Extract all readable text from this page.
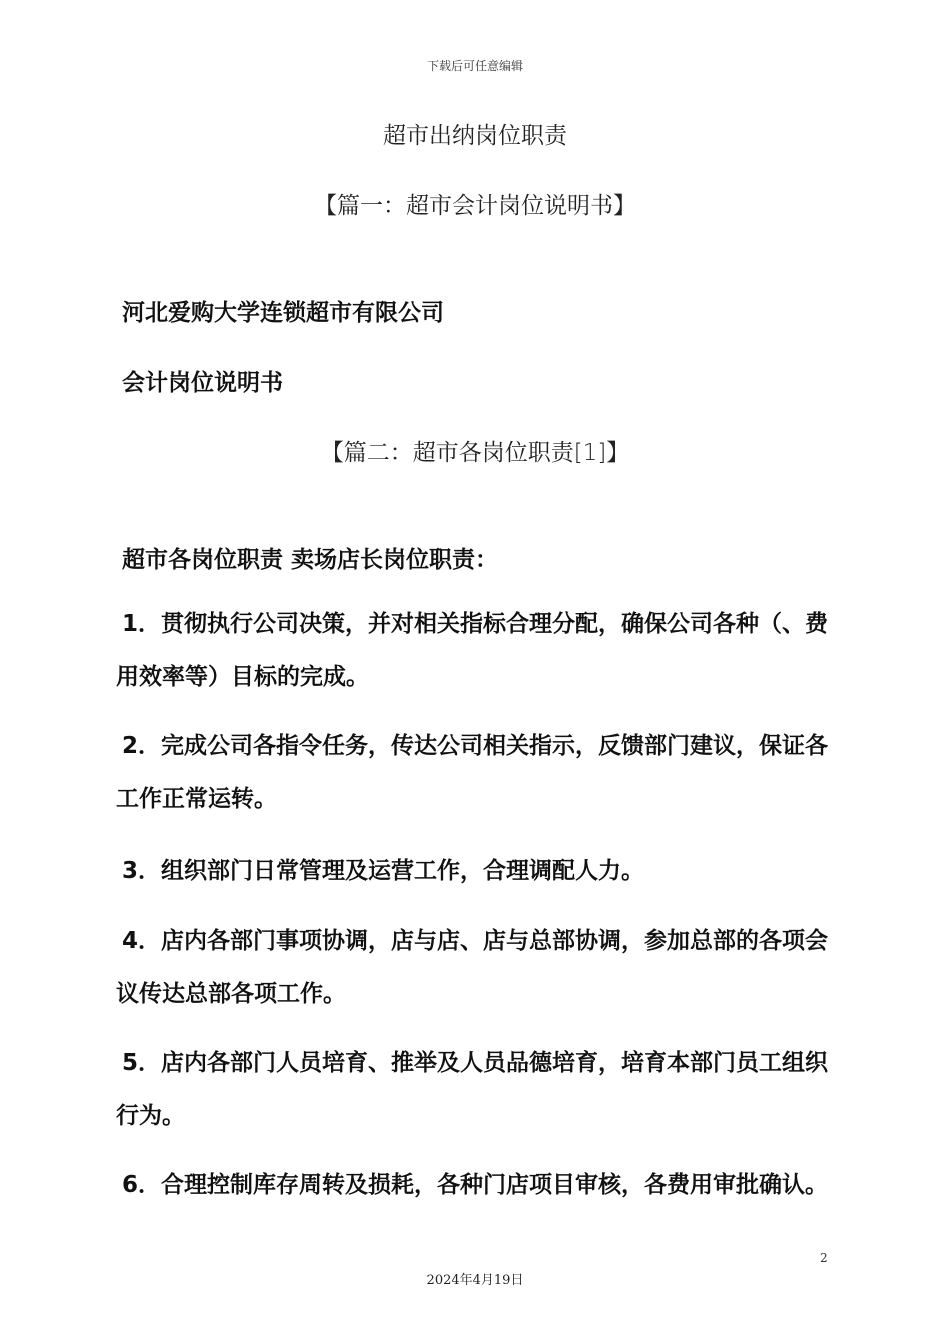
下载后可任意编辑
超市出纳岗位职责
【篇一：超市会计岗位说明书】
河北爱购大学连锁超市有限公司
会计岗位说明书
【篇二：超市各岗位职责[1]】
超市各岗位职责 卖场店长岗位职责：
1．贯彻执行公司决策，并对相关指标合理分配，确保公司各种（、费
用效率等）目标的完成。
2．完成公司各指令任务，传达公司相关指示，反馈部门建议，保证各
工作正常运转。
3．组织部门日常管理及运营工作，合理调配人力。
4．店内各部门事项协调，店与店、店与总部协调，参加总部的各项会
议传达总部各项工作。
5．店内各部门人员培育、推举及人员品德培育，培育本部门员工组织
行为。
6．合理控制库存周转及损耗，各种门店项目审核，各费用审批确认。
2
2024年4月19日
